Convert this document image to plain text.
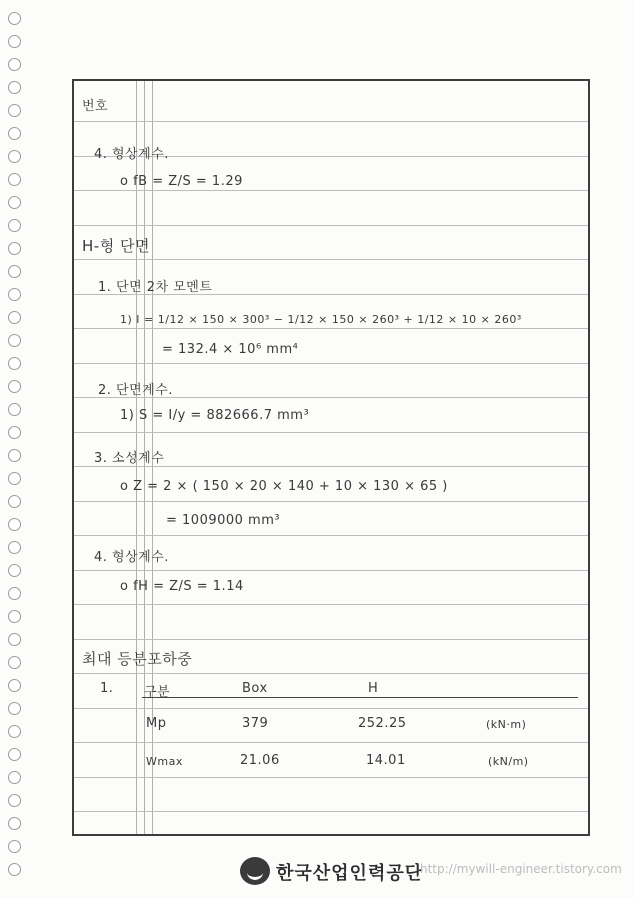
번호
4. 형상계수.
o fB = Z/S = 1.29
H-형 단면
1. 단면 2차 모멘트
1) I = 1/12 × 150 × 300³ − 1/12 × 150 × 260³ + 1/12 × 10 × 260³
= 132.4 × 10⁶ mm⁴
2. 단면계수.
1) S = I/y = 882666.7 mm³
3. 소성계수
o Z = 2 × ( 150 × 20 × 140 + 10 × 130 × 65 )
= 1009000 mm³
4. 형상계수.
o fH = Z/S = 1.14
최대 등분포하중
1. 구분	Box	H
Mp	379	252.25	(kN·m)
Wmax	21.06	14.01	(kN/m)
한국산업인력공단
http://mywill-engineer.tistory.com
